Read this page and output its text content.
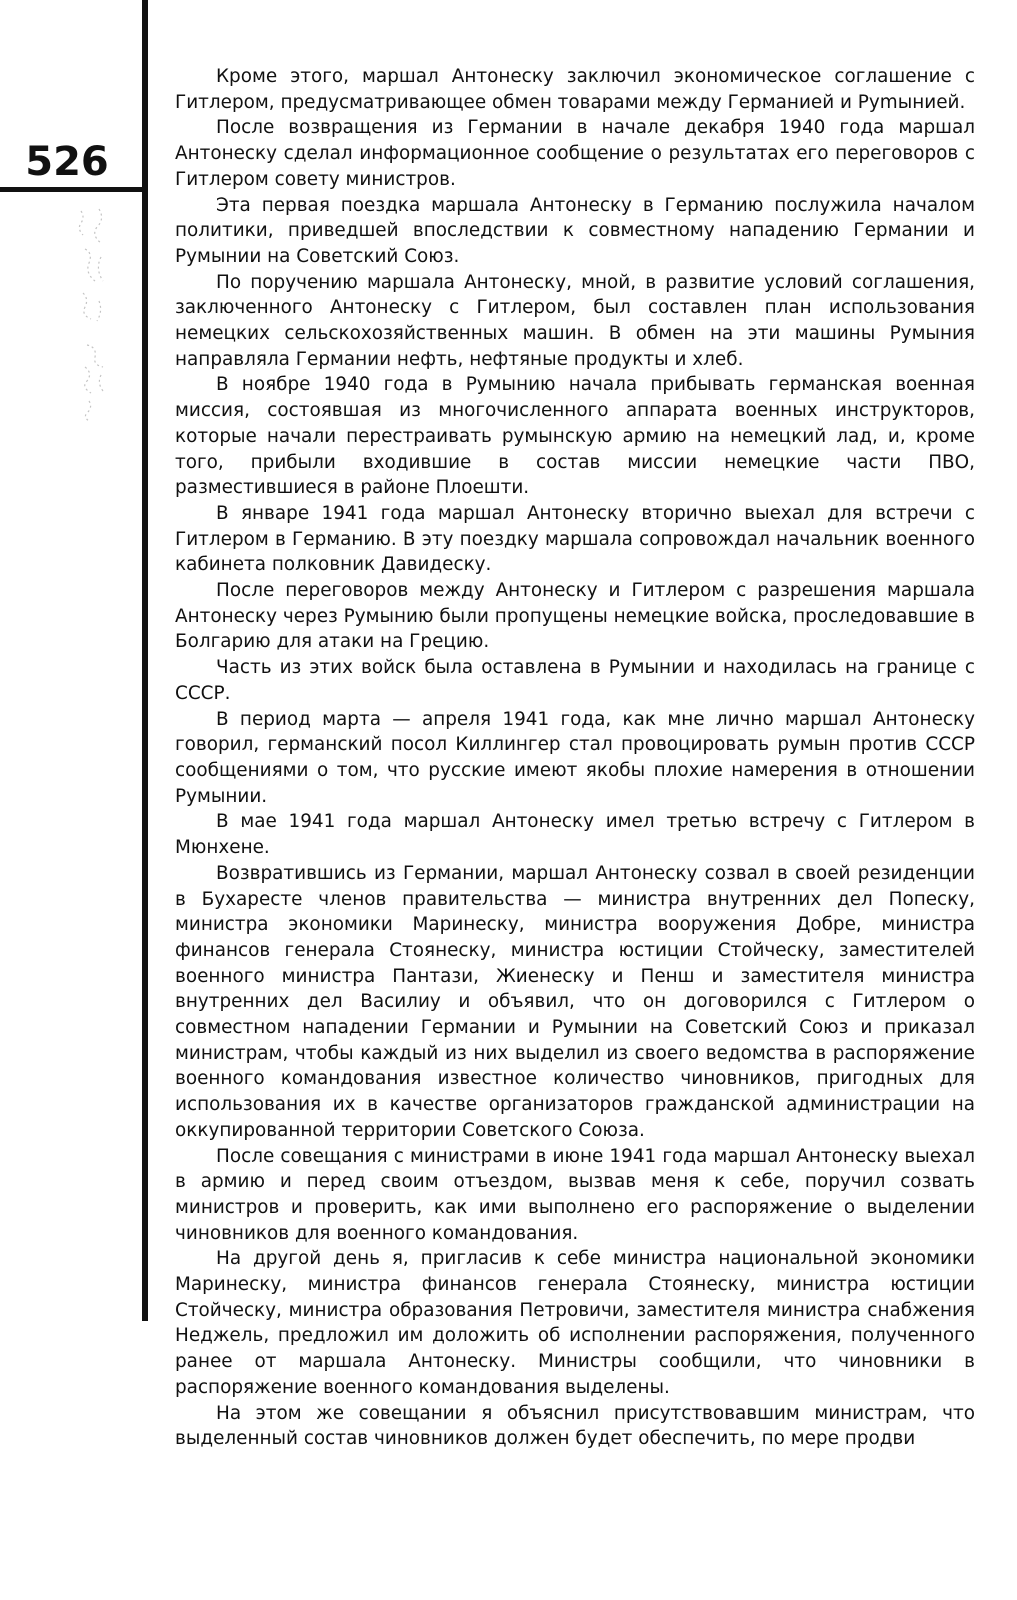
526

Кроме этого, маршал Антонеску заключил экономическое соглашение с Гитлером, предусматривающее обмен товарами между Германией и Руmынией.

После возвращения из Германии в начале декабря 1940 года маршал Антонеску сделал информационное сообщение о результатах его переговоров с Гитлером совету министров.

Эта первая поездка маршала Антонеску в Германию послужила началом политики, приведшей впоследствии к совместному нападению Германии и Румынии на Советский Союз.

По поручению маршала Антонеску, мной, в развитие условий соглашения, заключенного Антонеску с Гитлером, был составлен план использования немецких сельскохозяйственных машин. В обмен на эти машины Румыния направляла Германии нефть, нефтяные продукты и хлеб.

В ноябре 1940 года в Румынию начала прибывать германская военная миссия, состоявшая из многочисленного аппарата военных инструкторов, которые начали перестраивать румынскую армию на немецкий лад, и, кроме того, прибыли входившие в состав миссии немецкие части ПВО, разместившиеся в районе Плоешти.

В январе 1941 года маршал Антонеску вторично выехал для встречи с Гитлером в Германию. В эту поездку маршала сопровождал начальник военного кабинета полковник Давидеску.

После переговоров между Антонеску и Гитлером с разрешения маршала Антонеску через Румынию были пропущены немецкие войска, проследовавшие в Болгарию для атаки на Грецию.

Часть из этих войск была оставлена в Румынии и находилась на границе с СССР.

В период марта — апреля 1941 года, как мне лично маршал Антонеску говорил, германский посол Киллингер стал провоцировать румын против СССР сообщениями о том, что русские имеют якобы плохие намерения в отношении Румынии.

В мае 1941 года маршал Антонеску имел третью встречу с Гитлером в Мюнхене.

Возвратившись из Германии, маршал Антонеску созвал в своей резиденции в Бухаресте членов правительства — министра внутренних дел Попеску, министра экономики Маринеску, министра вооружения Добре, министра финансов генерала Стоянеску, министра юстиции Стойческу, заместителей военного министра Пантази, Жиенеску и Пенш и заместителя министра внутренних дел Василиу и объявил, что он договорился с Гитлером о совместном нападении Германии и Румынии на Советский Союз и приказал министрам, чтобы каждый из них выделил из своего ведомства в распоряжение военного командования известное количество чиновников, пригодных для использования их в качестве организаторов гражданской администрации на оккупированной территории Советского Союза.

После совещания с министрами в июне 1941 года маршал Антонеску выехал в армию и перед своим отъездом, вызвав меня к себе, поручил созвать министров и проверить, как ими выполнено его распоряжение о выделении чиновников для военного командования.

На другой день я, пригласив к себе министра национальной экономики Маринеску, министра финансов генерала Стоянеску, министра юстиции Стойческу, министра образования Петровичи, заместителя министра снабжения Неджель, предложил им доложить об исполнении распоряжения, полученного ранее от маршала Антонеску. Министры сообщили, что чиновники в распоряжение военного командования выделены.

На этом же совещании я объяснил присутствовавшим министрам, что выделенный состав чиновников должен будет обеспечить, по мере продви
